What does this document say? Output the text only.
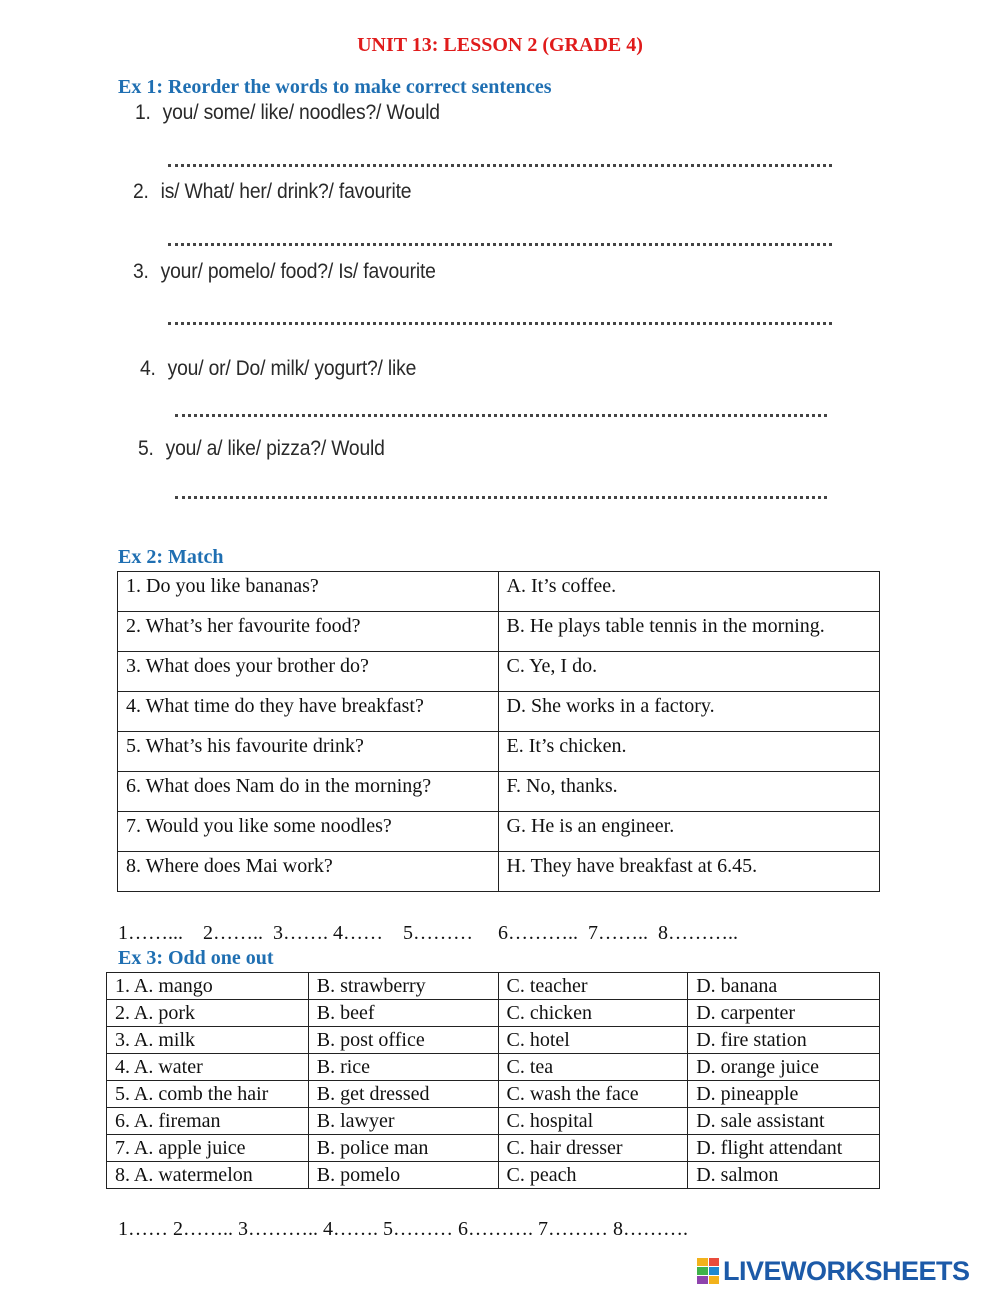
UNIT 13: LESSON 2 (GRADE 4)
Ex 1: Reorder the words to make correct sentences
1. you/ some/ like/ noodles?/ Would
2. is/ What/ her/ drink?/ favourite
3. your/ pomelo/ food?/ Is/ favourite
4. you/ or/ Do/ milk/ yogurt?/ like
5. you/ a/ like/ pizza?/ Would
Ex 2: Match
1. Do you like bananas?	A. It’s coffee.
2. What’s her favourite food?	B. He plays table tennis in the morning.
3. What does your brother do?	C. Ye, I do.
4. What time do they have breakfast?	D. She works in a factory.
5. What’s his favourite drink?	E. It’s chicken.
6. What does Nam do in the morning?	F. No, thanks.
7. Would you like some noodles?	G. He is an engineer.
8. Where does Mai work?	H. They have breakfast at 6.45.
1……...    2……..  3……. 4……    5………     6………..  7……..  8………..
Ex 3: Odd one out
1. A. mango	B. strawberry	C. teacher	D. banana
2. A. pork	B. beef	C. chicken	D. carpenter
3. A. milk	B. post office	C. hotel	D. fire station
4. A. water	B. rice	C. tea	D. orange juice
5. A. comb the hair	B. get dressed	C. wash the face	D. pineapple
6. A. fireman	B. lawyer	C. hospital	D. sale assistant
7. A. apple juice	B. police man	C. hair dresser	D. flight attendant
8. A. watermelon	B. pomelo	C. peach	D. salmon
1…… 2…….. 3……….. 4……. 5……… 6………. 7……… 8……….
LIVEWORKSHEETS
